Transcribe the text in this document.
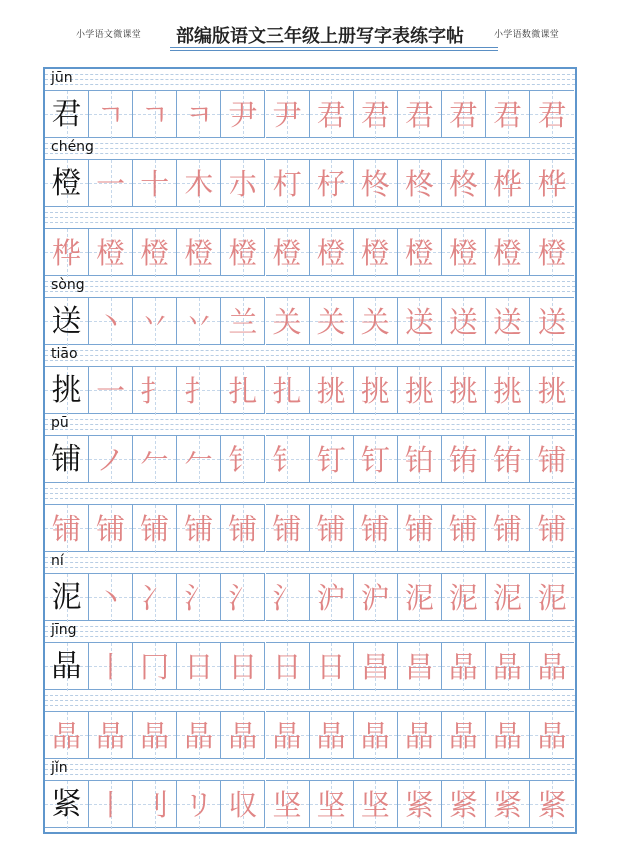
小学语文微课堂	部编版语文三年级上册写字表练字帖	小学语数微课堂
jūn
君 ㄱ ㄱ ㅋ 尹 尹 君 君 君 君 君 君
chéng
橙 一 十 木 朩 朾 杍 柊 柊 柊 桦 桦
桦 橙 橙 橙 橙 橙 橙 橙 橙 橙 橙 橙
sòng
送 丶 丷 丷 兰 关 关 关 送 送 送 送
tiāo
挑 一 扌 扌 扎 扎 挑 挑 挑 挑 挑 挑
pū
铺 ノ 𠂉 𠂉 钅 钅 钉 钉 铂 铕 铕 铺
铺 铺 铺 铺 铺 铺 铺 铺 铺 铺 铺 铺
ní
泥 丶 冫 氵 氵 氵 沪 沪 泥 泥 泥 泥
jīng
晶 丨 冂 日 日 日 日 昌 昌 晶 晶 晶
晶 晶 晶 晶 晶 晶 晶 晶 晶 晶 晶 晶
jǐn
紧 丨 刂 リ 収 坚 坚 坚 紧 紧 紧 紧
